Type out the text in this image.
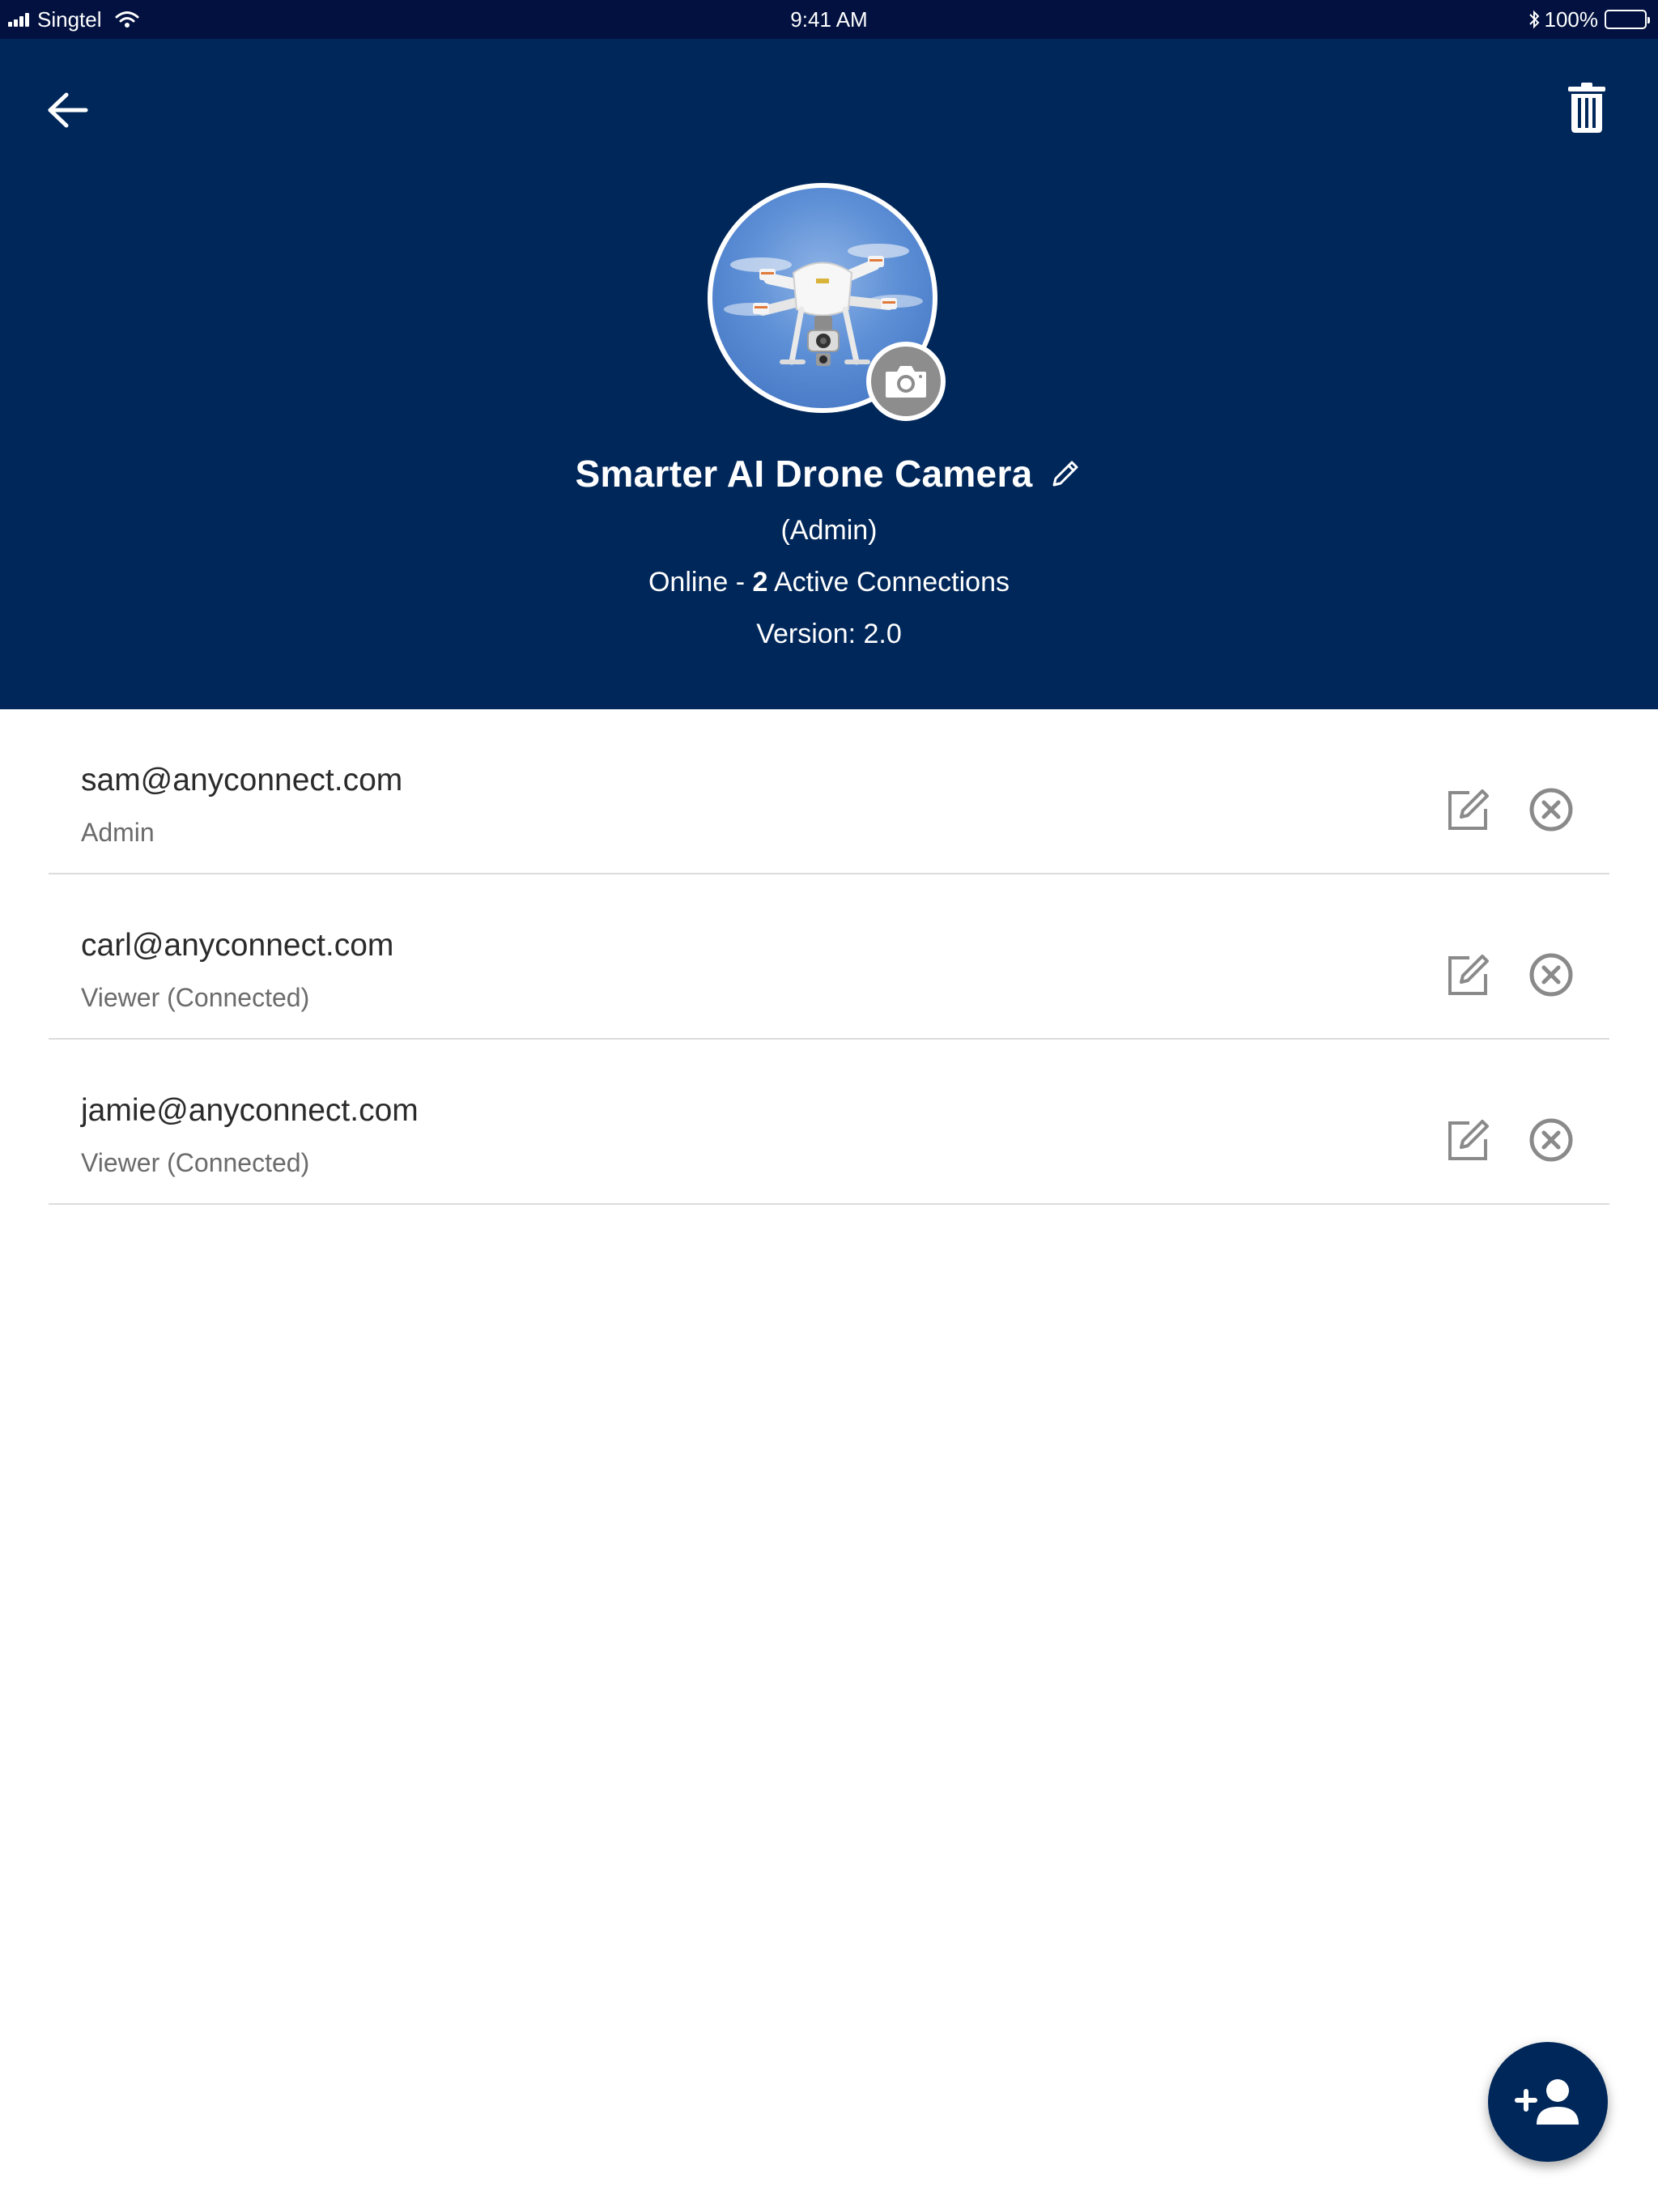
Singtel	9:41 AM	100%
Smarter AI Drone Camera
(Admin)
Online - 2 Active Connections
Version: 2.0
sam@anyconnect.com
Admin
carl@anyconnect.com
Viewer (Connected)
jamie@anyconnect.com
Viewer (Connected)
